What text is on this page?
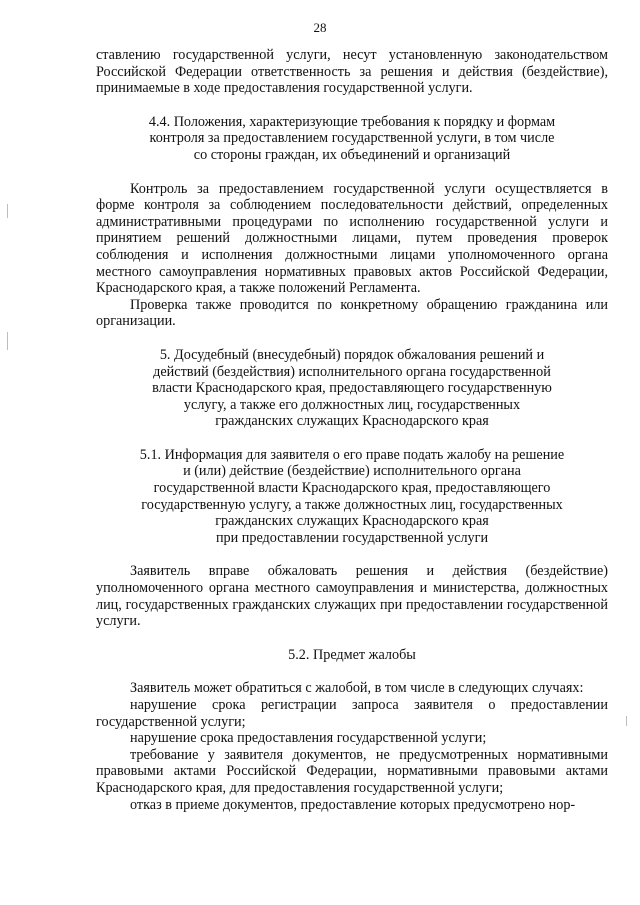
28

ставлению государственной услуги, несут установленную законодательством Российской Федерации ответственность за решения и действия (бездействие), принимаемые в ходе предоставления государственной услуги.

4.4. Положения, характеризующие требования к порядку и формам
контроля за предоставлением государственной услуги, в том числе
со стороны граждан, их объединений и организаций

Контроль за предоставлением государственной услуги осуществляется в форме контроля за соблюдением последовательности действий, определенных административными процедурами по исполнению государственной услуги и принятием решений должностными лицами, путем проведения проверок соблюдения и исполнения должностными лицами уполномоченного органа местного самоуправления нормативных правовых актов Российской Федерации, Краснодарского края, а также положений Регламента.

Проверка также проводится по конкретному обращению гражданина или организации.

5. Досудебный (внесудебный) порядок обжалования решений и
действий (бездействия) исполнительного органа государственной
власти Краснодарского края, предоставляющего государственную
услугу, а также его должностных лиц, государственных
гражданских служащих Краснодарского края
5.1. Информация для заявителя о его праве подать жалобу на решение
и (или) действие (бездействие) исполнительного органа
государственной власти Краснодарского края, предоставляющего
государственную услугу, а также должностных лиц, государственных
гражданских служащих Краснодарского края
при предоставлении государственной услуги

Заявитель вправе обжаловать решения и действия (бездействие) уполномоченного органа местного самоуправления и министерства, должностных лиц, государственных гражданских служащих при предоставлении государственной услуги.

5.2. Предмет жалобы

Заявитель может обратиться с жалобой, в том числе в следующих случаях:

нарушение срока регистрации запроса заявителя о предоставлении государственной услуги;

нарушение срока предоставления государственной услуги;

требование у заявителя документов, не предусмотренных нормативными правовыми актами Российской Федерации, нормативными правовыми актами Краснодарского края, для предоставления государственной услуги;

отказ в приеме документов, предоставление которых предусмотрено нор-
